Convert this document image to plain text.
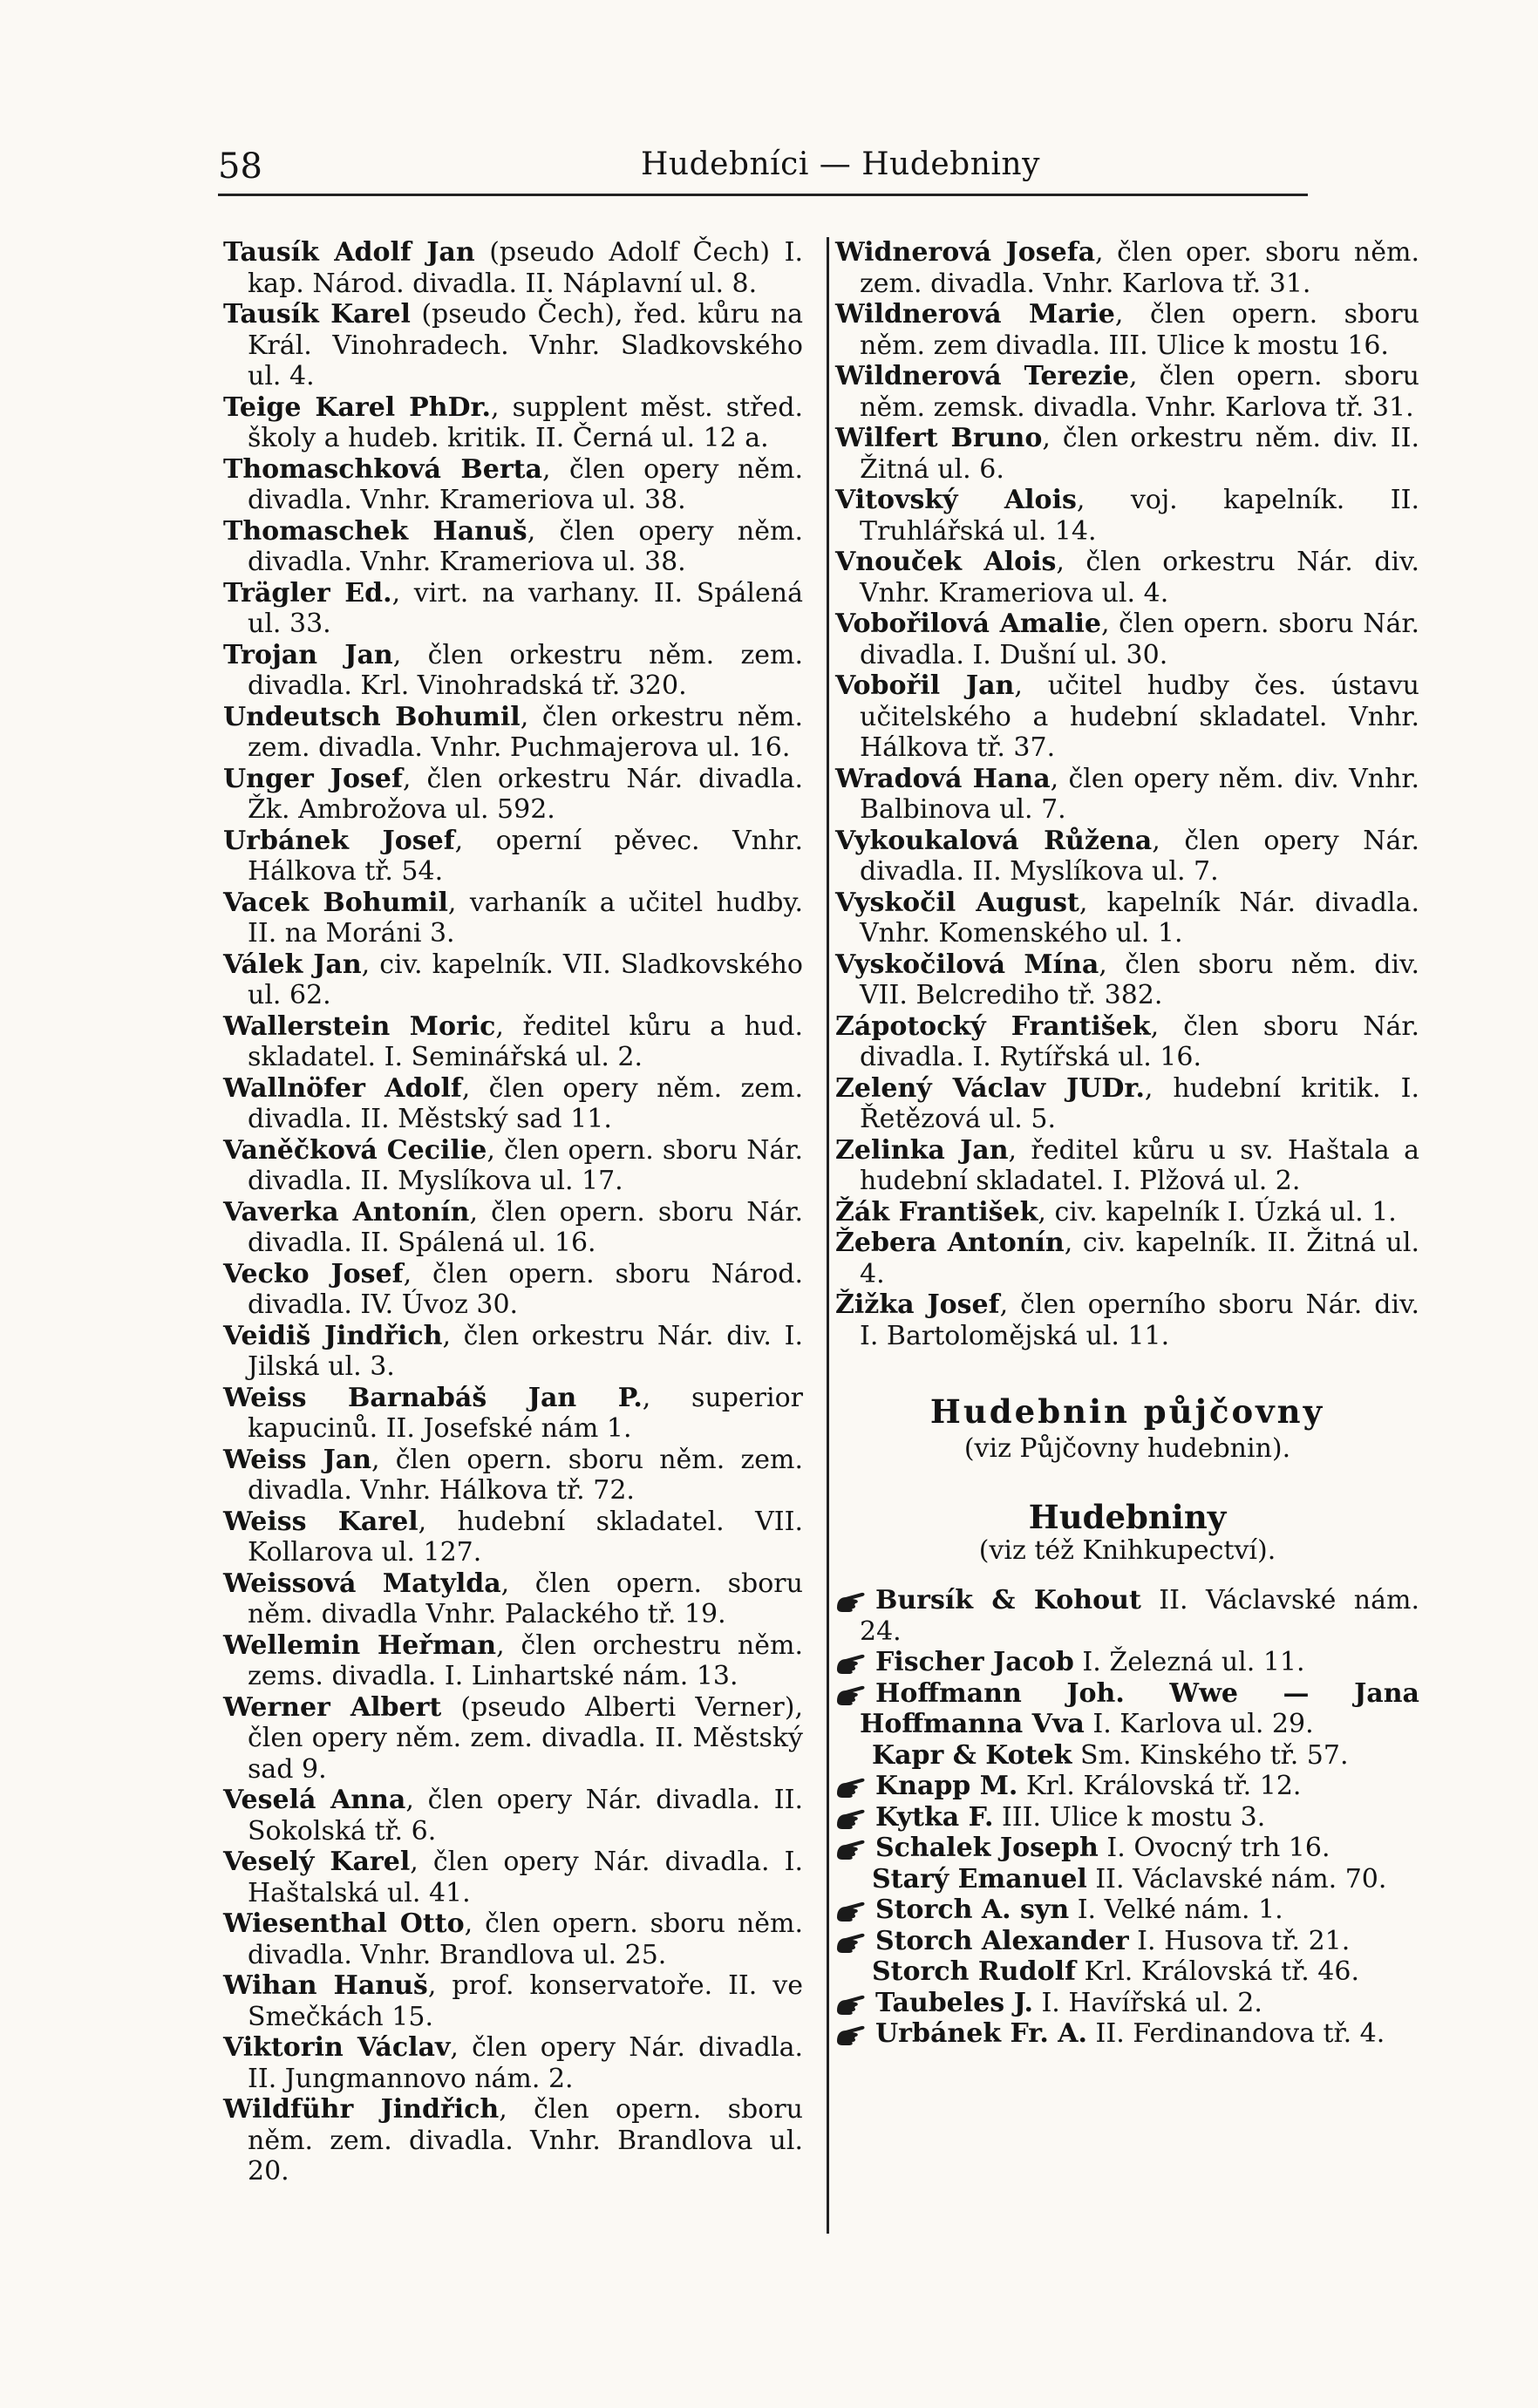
58	Hudebníci — Hudebniny

Tausík Adolf Jan (pseudo Adolf Čech) I. kap. Národ. divadla. II. Náplavní ul. 8.

Tausík Karel (pseudo Čech), řed. kůru na Král. Vinohradech. Vnhr. Sladkovského ul. 4.

Teige Karel PhDr., supplent měst. střed. školy a hudeb. kritik. II. Černá ul. 12 a.

Thomaschková Berta, člen opery něm. divadla. Vnhr. Krameriova ul. 38.

Thomaschek Hanuš, člen opery něm. divadla. Vnhr. Krameriova ul. 38.

Trägler Ed., virt. na varhany. II. Spálená ul. 33.

Trojan Jan, člen orkestru něm. zem. divadla. Krl. Vinohradská tř. 320.

Undeutsch Bohumil, člen orkestru něm. zem. divadla. Vnhr. Puchmajerova ul. 16.

Unger Josef, člen orkestru Nár. divadla. Žk. Ambrožova ul. 592.

Urbánek Josef, operní pěvec. Vnhr. Hálkova tř. 54.

Vacek Bohumil, varhaník a učitel hudby. II. na Moráni 3.

Válek Jan, civ. kapelník. VII. Sladkovského ul. 62.

Wallerstein Moric, ředitel kůru a hud. skladatel. I. Seminářská ul. 2.

Wallnöfer Adolf, člen opery něm. zem. divadla. II. Městský sad 11.

Vaněčková Cecilie, člen opern. sboru Nár. divadla. II. Myslíkova ul. 17.

Vaverka Antonín, člen opern. sboru Nár. divadla. II. Spálená ul. 16.

Vecko Josef, člen opern. sboru Národ. divadla. IV. Úvoz 30.

Veidiš Jindřich, člen orkestru Nár. div. I. Jilská ul. 3.

Weiss Barnabáš Jan P., superior kapucinů. II. Josefské nám 1.

Weiss Jan, člen opern. sboru něm. zem. divadla. Vnhr. Hálkova tř. 72.

Weiss Karel, hudební skladatel. VII. Kollarova ul. 127.

Weissová Matylda, člen opern. sboru něm. divadla Vnhr. Palackého tř. 19.

Wellemin Heřman, člen orchestru něm. zems. divadla. I. Linhartské nám. 13.

Werner Albert (pseudo Alberti Verner), člen opery něm. zem. divadla. II. Městský sad 9.

Veselá Anna, člen opery Nár. divadla. II. Sokolská tř. 6.

Veselý Karel, člen opery Nár. divadla. I. Haštalská ul. 41.

Wiesenthal Otto, člen opern. sboru něm. divadla. Vnhr. Brandlova ul. 25.

Wihan Hanuš, prof. konservatoře. II. ve Smečkách 15.

Viktorin Václav, člen opery Nár. divadla. II. Jungmannovo nám. 2.

Wildführ Jindřich, člen opern. sboru něm. zem. divadla. Vnhr. Brandlova ul. 20.

Widnerová Josefa, člen oper. sboru něm. zem. divadla. Vnhr. Karlova tř. 31.

Wildnerová Marie, člen opern. sboru něm. zem divadla. III. Ulice k mostu 16.

Wildnerová Terezie, člen opern. sboru něm. zemsk. divadla. Vnhr. Karlova tř. 31.

Wilfert Bruno, člen orkestru něm. div. II. Žitná ul. 6.

Vitovský Alois, voj. kapelník. II. Truhlářská ul. 14.

Vnouček Alois, člen orkestru Nár. div. Vnhr. Krameriova ul. 4.

Vobořilová Amalie, člen opern. sboru Nár. divadla. I. Dušní ul. 30.

Vobořil Jan, učitel hudby čes. ústavu učitelského a hudební skladatel. Vnhr. Hálkova tř. 37.

Wradová Hana, člen opery něm. div. Vnhr. Balbinova ul. 7.

Vykoukalová Růžena, člen opery Nár. divadla. II. Myslíkova ul. 7.

Vyskočil August, kapelník Nár. divadla. Vnhr. Komenského ul. 1.

Vyskočilová Mína, člen sboru něm. div. VII. Belcrediho tř. 382.

Zápotocký František, člen sboru Nár. divadla. I. Rytířská ul. 16.

Zelený Václav JUDr., hudební kritik. I. Řetězová ul. 5.

Zelinka Jan, ředitel kůru u sv. Haštala a hudební skladatel. I. Plžová ul. 2.

Žák František, civ. kapelník I. Úzká ul. 1.

Žebera Antonín, civ. kapelník. II. Žitná ul. 4.

Žižka Josef, člen operního sboru Nár. div. I. Bartolomějská ul. 11.

Hudebnin půjčovny
(viz Půjčovny hudebnin).
Hudebniny
(viz též Knihkupectví).

Bursík & Kohout II. Václavské nám. 24.

Fischer Jacob I. Železná ul. 11.

Hoffmann Joh. Wwe — Jana Hoffmanna Vva I. Karlova ul. 29.

Kapr & Kotek Sm. Kinského tř. 57.

Knapp M. Krl. Královská tř. 12.

Kytka F. III. Ulice k mostu 3.

Schalek Joseph I. Ovocný trh 16.

Starý Emanuel II. Václavské nám. 70.

Storch A. syn I. Velké nám. 1.

Storch Alexander I. Husova tř. 21.

Storch Rudolf Krl. Královská tř. 46.

Taubeles J. I. Havířská ul. 2.

Urbánek Fr. A. II. Ferdinandova tř. 4.
